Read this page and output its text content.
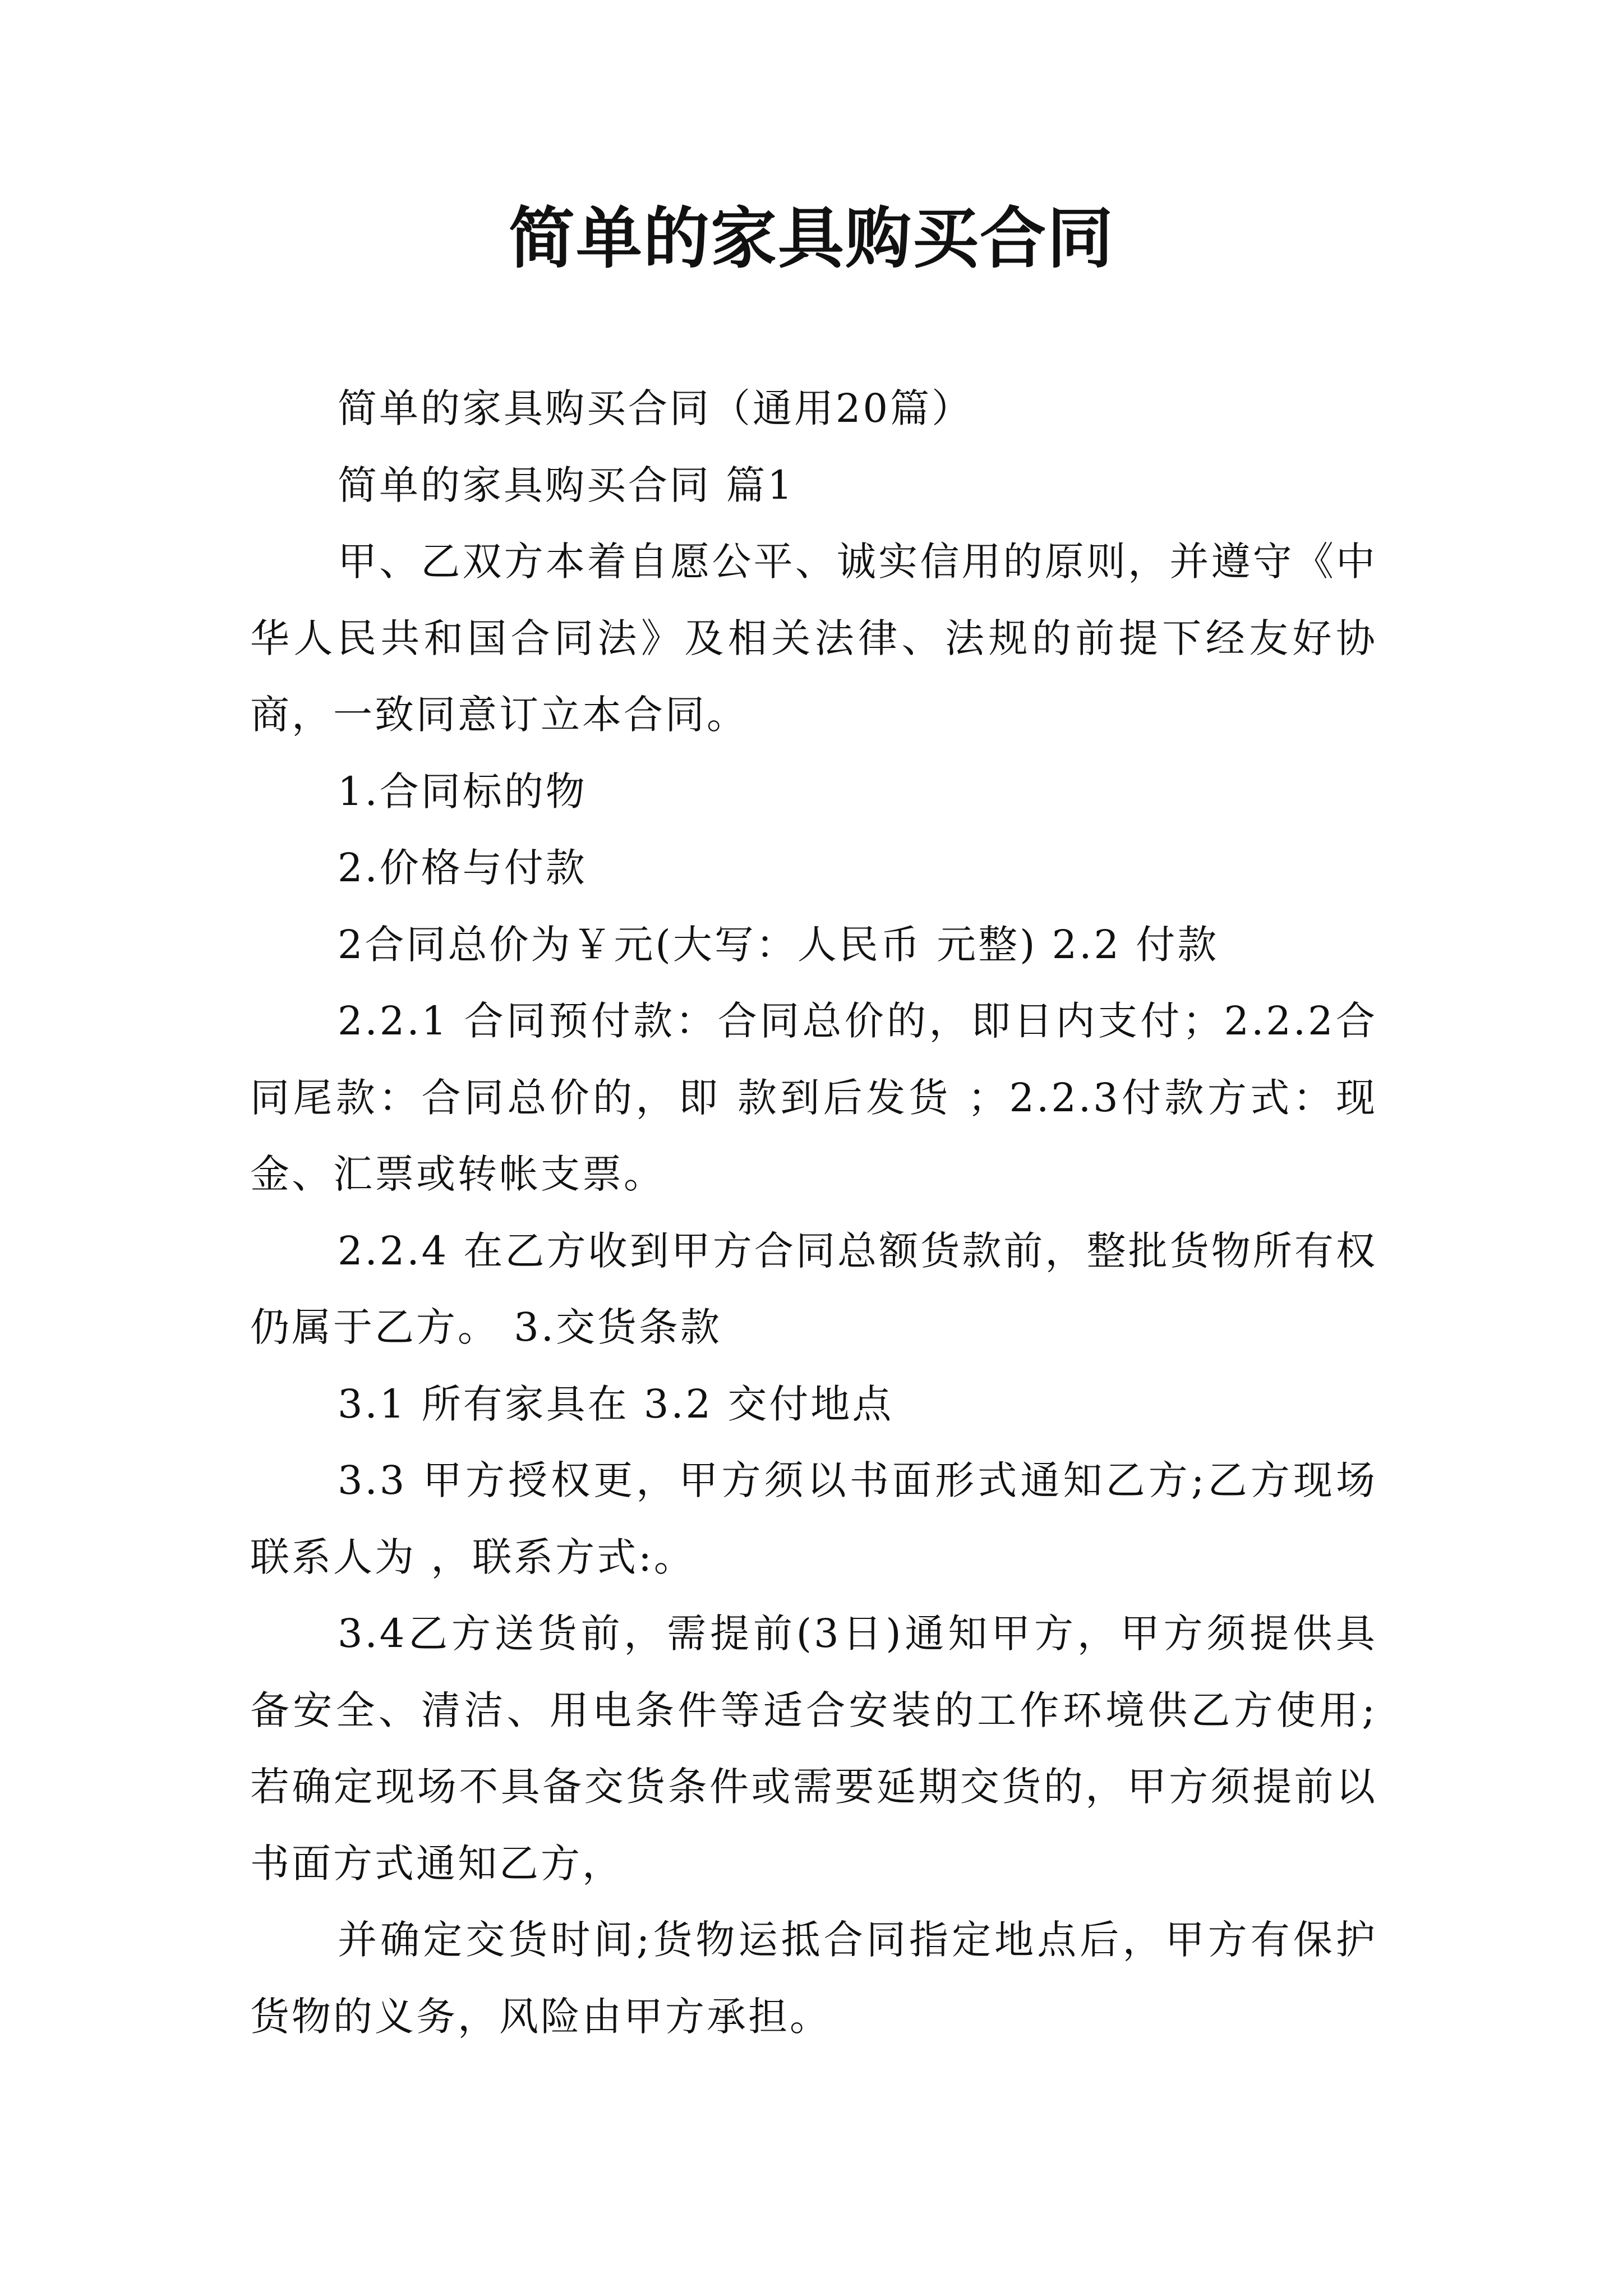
简单的家具购买合同

简单的家具购买合同（通用20篇）

简单的家具购买合同 篇1

甲、乙双方本着自愿公平、诚实信用的原则，并遵守《中华人民共和国合同法》及相关法律、法规的前提下经友好协商，一致同意订立本合同。

1.合同标的物

2.价格与付款

2合同总价为￥元(大写：人民币 元整) 2.2 付款

2.2.1 合同预付款：合同总价的，即日内支付；2.2.2合同尾款：合同总价的，即 款到后发货 ；2.2.3付款方式：现金、汇票或转帐支票。

2.2.4 在乙方收到甲方合同总额货款前，整批货物所有权仍属于乙方。 3.交货条款

3.1 所有家具在 3.2 交付地点

3.3 甲方授权更，甲方须以书面形式通知乙方;乙方现场联系人为 ，联系方式:。

3.4乙方送货前，需提前(3日)通知甲方，甲方须提供具备安全、清洁、用电条件等适合安装的工作环境供乙方使用;若确定现场不具备交货条件或需要延期交货的，甲方须提前以书面方式通知乙方，

并确定交货时间;货物运抵合同指定地点后，甲方有保护货物的义务，风险由甲方承担。
